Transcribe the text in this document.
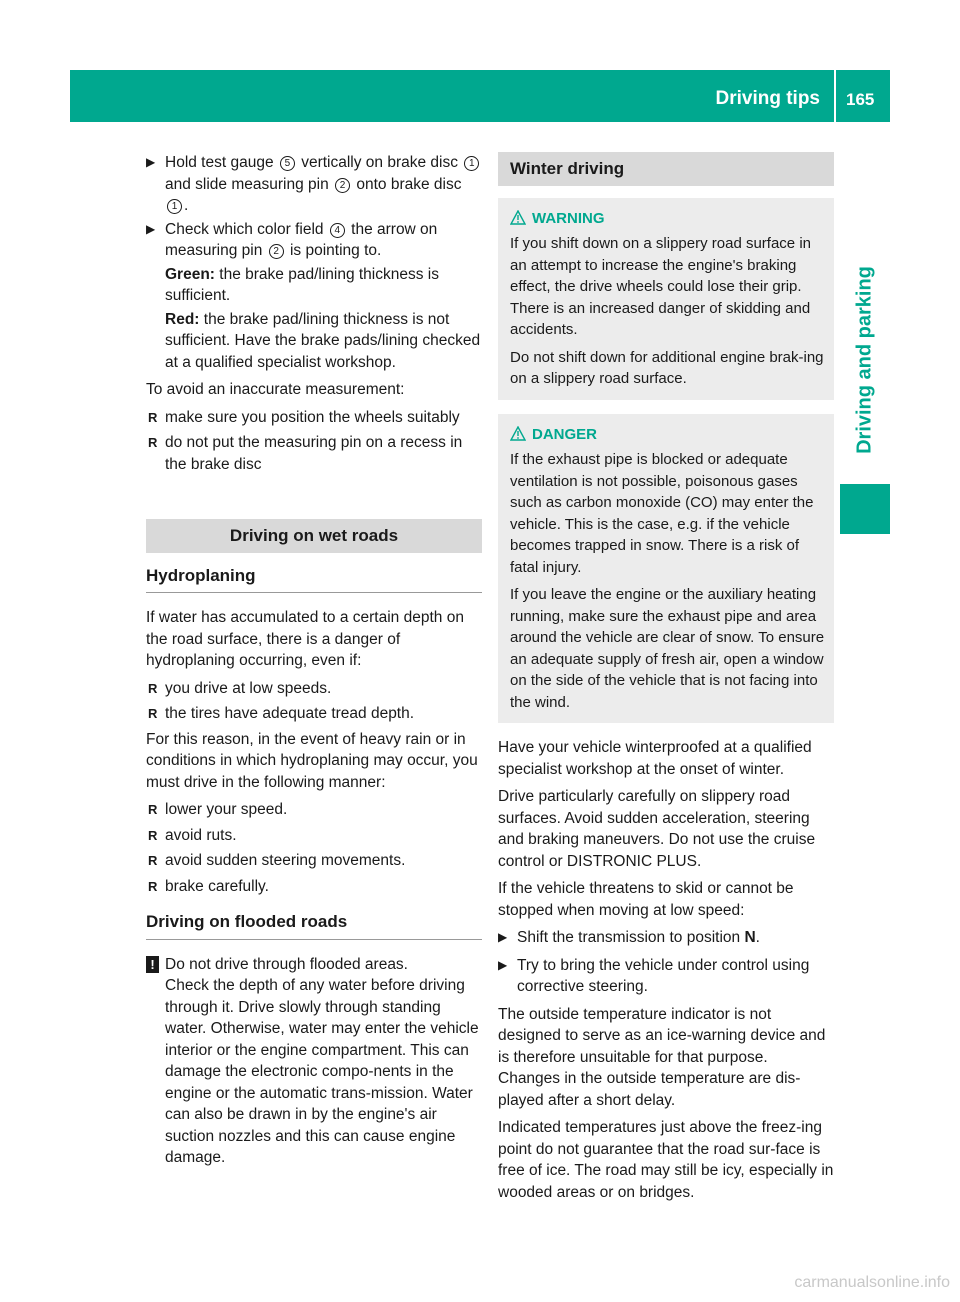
Driving tips 165
Driving and parking
▶ Hold test gauge 5 vertically on brake disc 1 and slide measuring pin 2 onto brake disc 1 .
▶ Check which color field 4 the arrow on measuring pin 2 is pointing to.
Green: the brake pad/lining thickness is sufficient.
Red: the brake pad/lining thickness is not sufficient. Have the brake pads/lining checked at a qualified specialist workshop.

To avoid an inaccurate measurement:

R make sure you position the wheels suitably
R do not put the measuring pin on a recess in the brake disc
Driving on wet roads
Hydroplaning

If water has accumulated to a certain depth on the road surface, there is a danger of hydroplaning occurring, even if:

R you drive at low speeds.
R the tires have adequate tread depth.

For this reason, in the event of heavy rain or in conditions in which hydroplaning may occur, you must drive in the following manner:

R lower your speed.
R avoid ruts.
R avoid sudden steering movements.
R brake carefully.
Driving on flooded roads
! Do not drive through flooded areas.

Check the depth of any water before driving through it. Drive slowly through standing water. Otherwise, water may enter the vehicle interior or the engine compartment. This can damage the electronic compo-nents in the engine or the automatic trans-mission. Water can also be drawn in by the engine's air suction nozzles and this can cause engine damage.

Winter driving
WARNING

If you shift down on a slippery road surface in an attempt to increase the engine's braking effect, the drive wheels could lose their grip. There is an increased danger of skidding and accidents.

Do not shift down for additional engine brak-ing on a slippery road surface.

DANGER

If the exhaust pipe is blocked or adequate ventilation is not possible, poisonous gases such as carbon monoxide (CO) may enter the vehicle. This is the case, e.g. if the vehicle becomes trapped in snow. There is a risk of fatal injury.

If you leave the engine or the auxiliary heating running, make sure the exhaust pipe and area around the vehicle are clear of snow. To ensure an adequate supply of fresh air, open a window on the side of the vehicle that is not facing into the wind.

Have your vehicle winterproofed at a qualified specialist workshop at the onset of winter.

Drive particularly carefully on slippery road surfaces. Avoid sudden acceleration, steering and braking maneuvers. Do not use the cruise control or DISTRONIC PLUS.

If the vehicle threatens to skid or cannot be stopped when moving at low speed:

▶ Shift the transmission to position N.
▶ Try to bring the vehicle under control using corrective steering.

The outside temperature indicator is not designed to serve as an ice-warning device and is therefore unsuitable for that purpose. Changes in the outside temperature are dis-played after a short delay.

Indicated temperatures just above the freez-ing point do not guarantee that the road sur-face is free of ice. The road may still be icy, especially in wooded areas or on bridges.

carmanualsonline.info
